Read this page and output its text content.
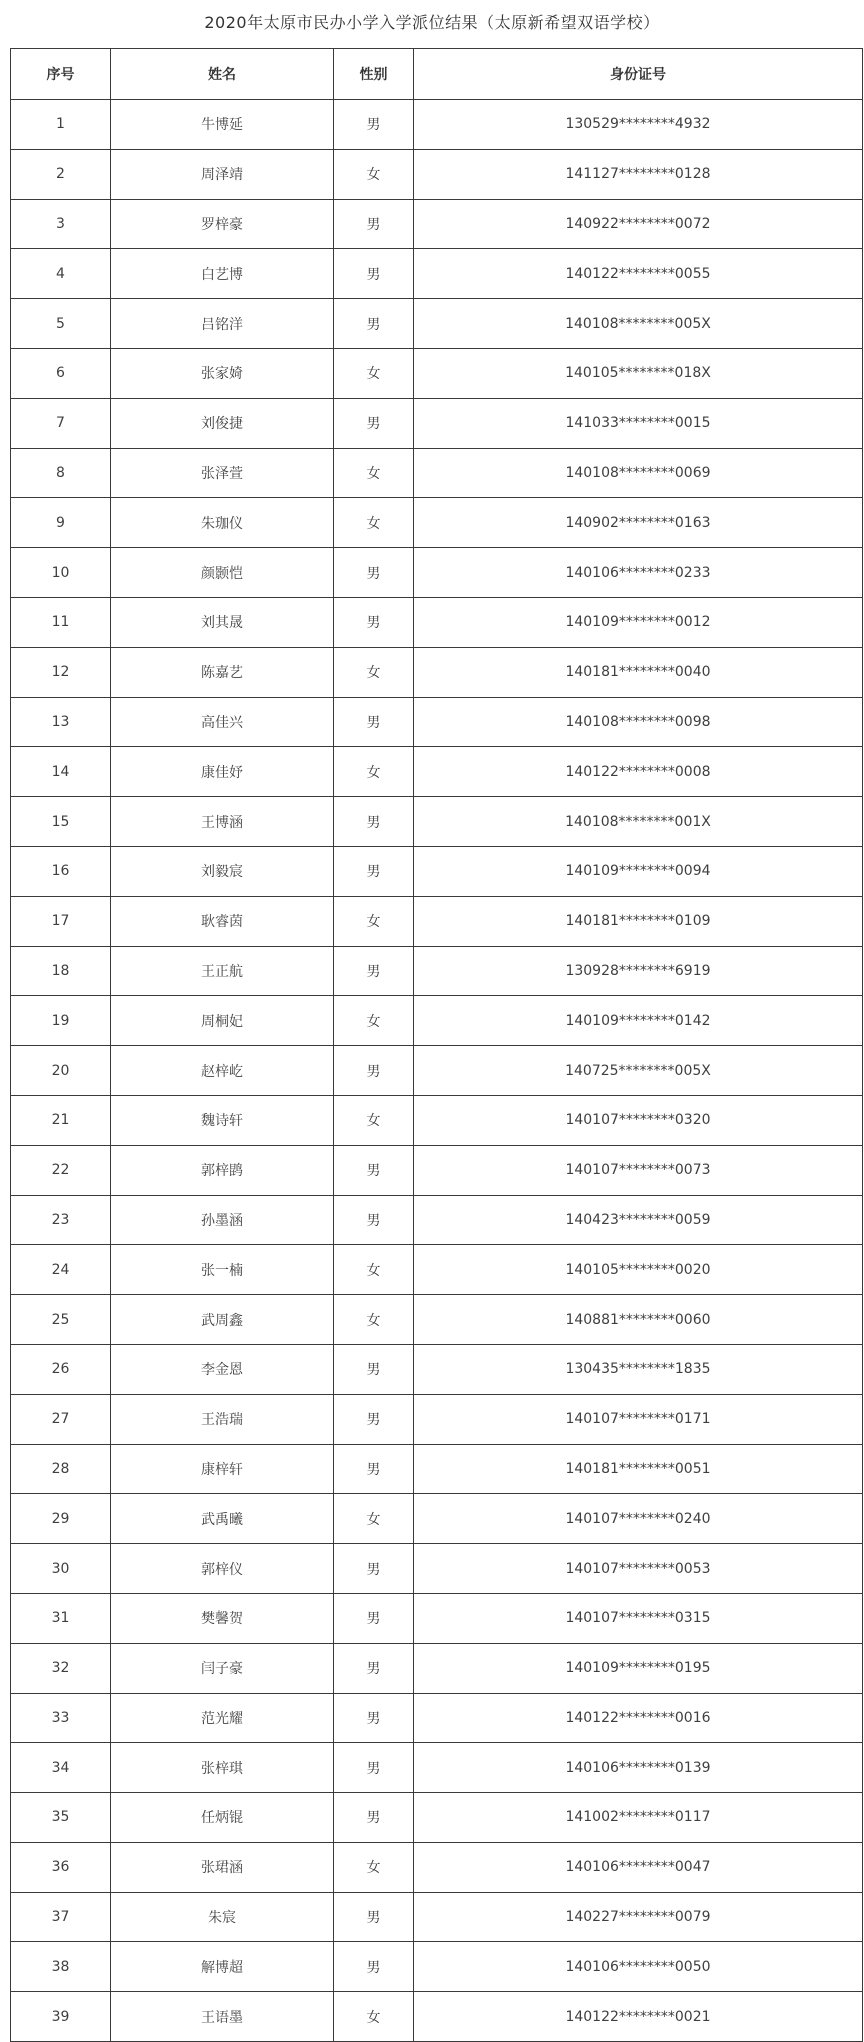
2020年太原市民办小学入学派位结果（太原新希望双语学校）
序号	姓名	性别	身份证号
1	牛博延	男	130529********4932
2	周泽靖	女	141127********0128
3	罗梓豪	男	140922********0072
4	白艺博	男	140122********0055
5	吕铭洋	男	140108********005X
6	张家婍	女	140105********018X
7	刘俊捷	男	141033********0015
8	张泽萱	女	140108********0069
9	朱珈仪	女	140902********0163
10	颜颢恺	男	140106********0233
11	刘其晟	男	140109********0012
12	陈嘉艺	女	140181********0040
13	高佳兴	男	140108********0098
14	康佳妤	女	140122********0008
15	王博涵	男	140108********001X
16	刘毅宸	男	140109********0094
17	耿睿茵	女	140181********0109
18	王正航	男	130928********6919
19	周桐妃	女	140109********0142
20	赵梓屹	男	140725********005X
21	魏诗轩	女	140107********0320
22	郭梓鹍	男	140107********0073
23	孙墨涵	男	140423********0059
24	张一楠	女	140105********0020
25	武周鑫	女	140881********0060
26	李金恩	男	130435********1835
27	王浩瑞	男	140107********0171
28	康梓轩	男	140181********0051
29	武禹曦	女	140107********0240
30	郭梓仪	男	140107********0053
31	樊馨贺	男	140107********0315
32	闫子豪	男	140109********0195
33	范光耀	男	140122********0016
34	张梓琪	男	140106********0139
35	任炳锟	男	141002********0117
36	张珺涵	女	140106********0047
37	朱宸	男	140227********0079
38	解博超	男	140106********0050
39	王语墨	女	140122********0021
